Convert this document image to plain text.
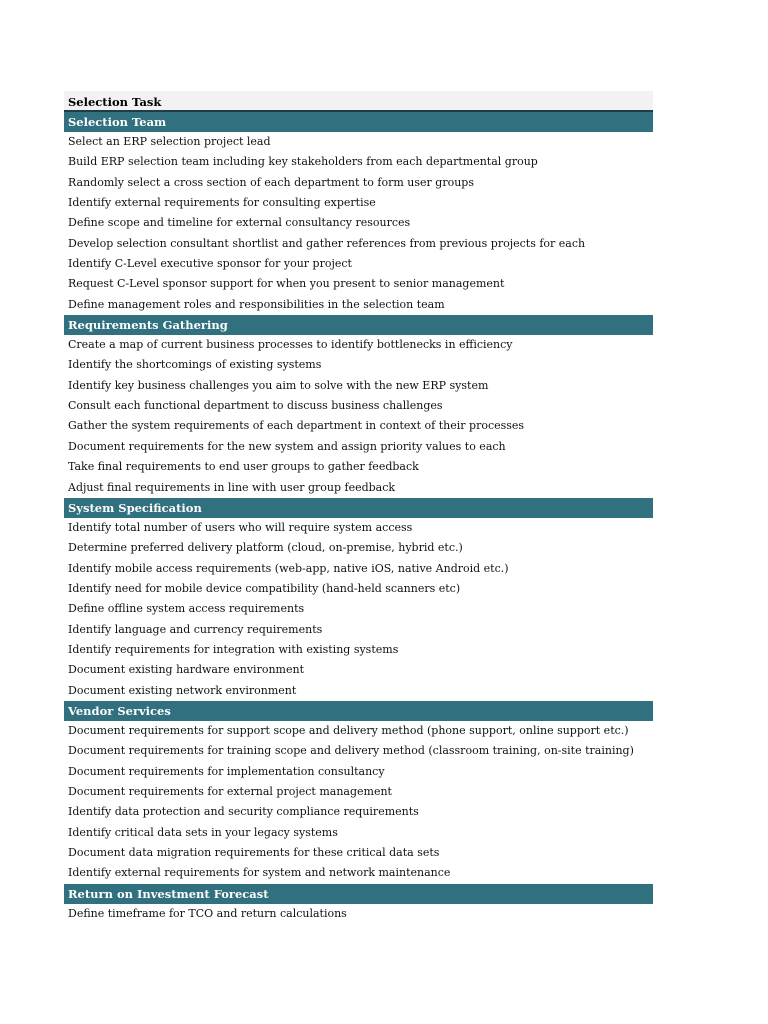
Selection Task
Selection Team
Select an ERP selection project lead
Build ERP selection team including key stakeholders from each departmental group
Randomly select a cross section of each department to form user groups
Identify external requirements for consulting expertise
Define scope and timeline for external consultancy resources
Develop selection consultant shortlist and gather references from previous projects for each
Identify C-Level executive sponsor for your project
Request C-Level sponsor support for when you present to senior management
Define management roles and responsibilities in the selection team
Requirements Gathering
Create a map of current business processes to identify bottlenecks in efficiency
Identify the shortcomings of existing systems
Identify key business challenges you aim to solve with the new ERP system
Consult each functional department to discuss business challenges
Gather the system requirements of each department in context of their processes
Document requirements for the new system and assign priority values to each
Take final requirements to end user groups to gather feedback
Adjust final requirements in line with user group feedback
System Specification
Identify total number of users who will require system access
Determine preferred delivery platform (cloud, on-premise, hybrid etc.)
Identify mobile access requirements (web-app, native iOS, native Android etc.)
Identify need for mobile device compatibility (hand-held scanners etc)
Define offline system access requirements
Identify language and currency requirements
Identify requirements for integration with existing systems
Document existing hardware environment
Document existing network environment
Vendor Services
Document requirements for support scope and delivery method (phone support, online support etc.)
Document requirements for training scope and delivery method (classroom training, on-site training)
Document requirements for implementation consultancy
Document requirements for external project management
Identify data protection and security compliance requirements
Identify critical data sets in your legacy systems
Document data migration requirements for these critical data sets
Identify external requirements for system and network maintenance
Return on Investment Forecast
Define timeframe for TCO and return calculations
